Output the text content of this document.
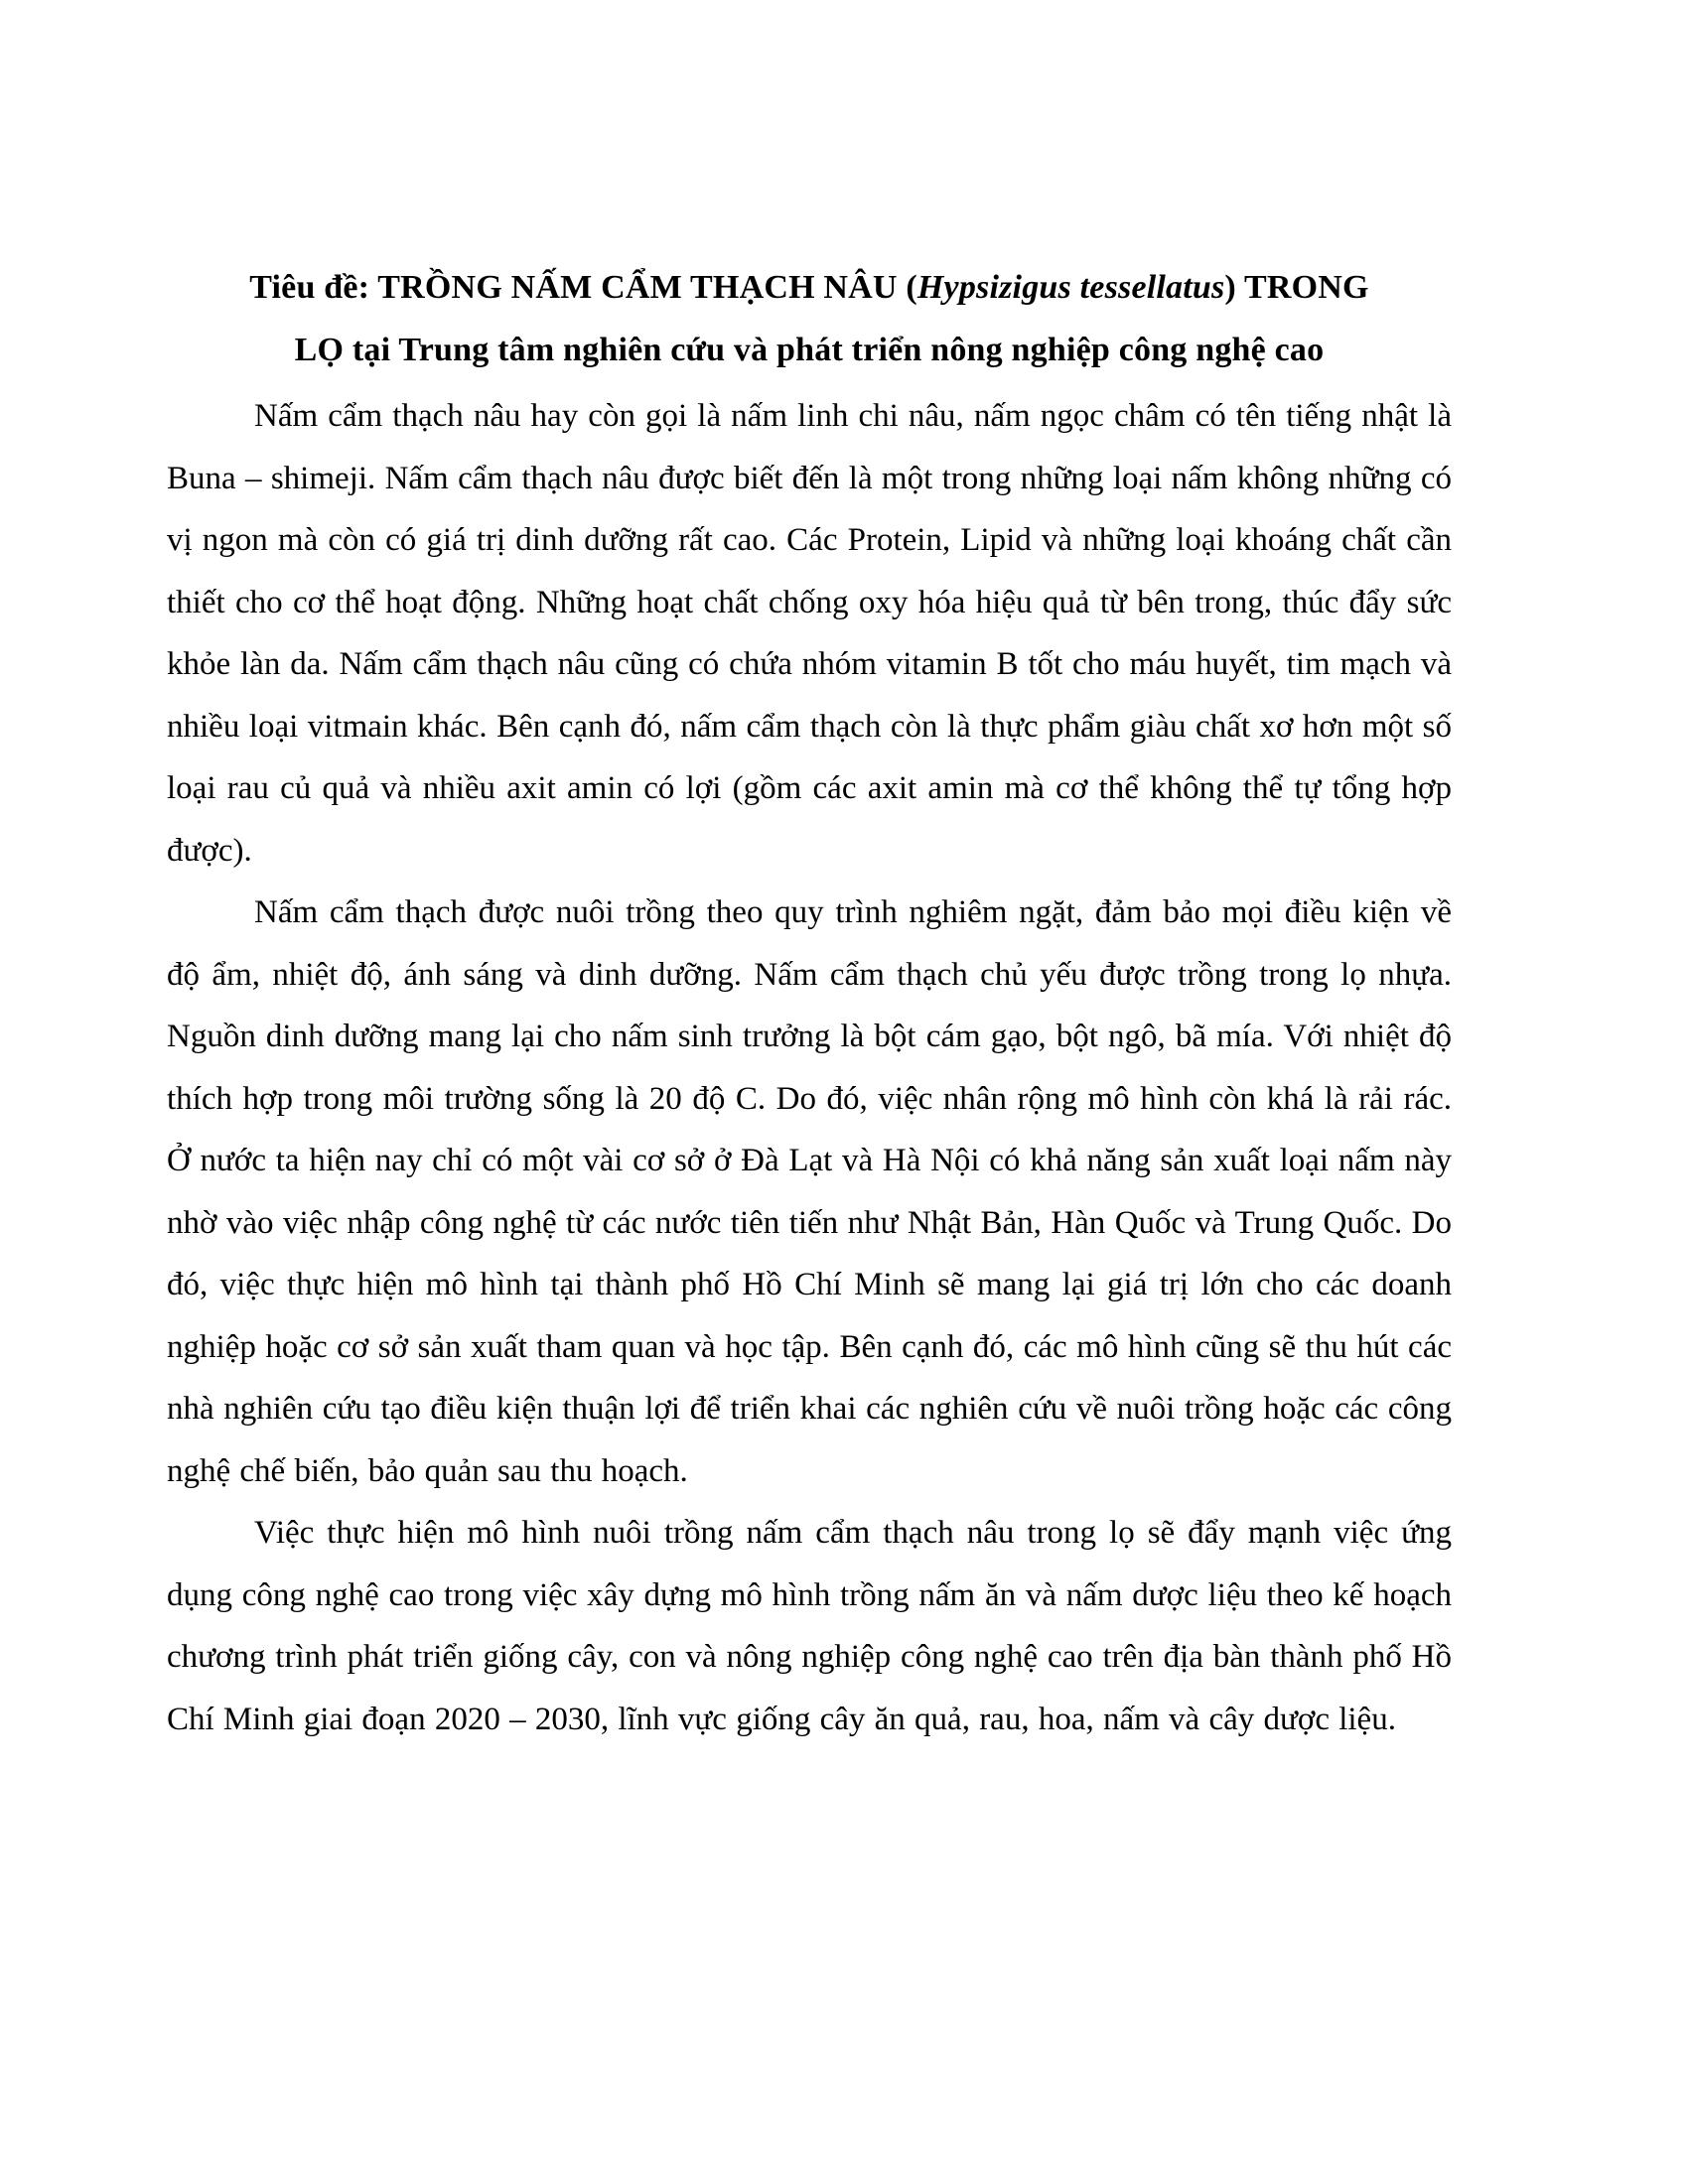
Tiêu đề: TRỒNG NẤM CẨM THẠCH NÂU (Hypsizigus tessellatus) TRONG
LỌ tại Trung tâm nghiên cứu và phát triển nông nghiệp công nghệ cao

Nấm cẩm thạch nâu hay còn gọi là nấm linh chi nâu, nấm ngọc châm có tên tiếng nhật là Buna – shimeji. Nấm cẩm thạch nâu được biết đến là một trong những loại nấm không những có vị ngon mà còn có giá trị dinh dưỡng rất cao. Các Protein, Lipid và những loại khoáng chất cần thiết cho cơ thể hoạt động. Những hoạt chất chống oxy hóa hiệu quả từ bên trong, thúc đẩy sức khỏe làn da. Nấm cẩm thạch nâu cũng có chứa nhóm vitamin B tốt cho máu huyết, tim mạch và nhiều loại vitmain khác. Bên cạnh đó, nấm cẩm thạch còn là thực phẩm giàu chất xơ hơn một số loại rau củ quả và nhiều axit amin có lợi (gồm các axit amin mà cơ thể không thể tự tổng hợp được).

Nấm cẩm thạch được nuôi trồng theo quy trình nghiêm ngặt, đảm bảo mọi điều kiện về độ ẩm, nhiệt độ, ánh sáng và dinh dưỡng. Nấm cẩm thạch chủ yếu được trồng trong lọ nhựa. Nguồn dinh dưỡng mang lại cho nấm sinh trưởng là bột cám gạo, bột ngô, bã mía. Với nhiệt độ thích hợp trong môi trường sống là 20 độ C. Do đó, việc nhân rộng mô hình còn khá là rải rác. Ở nước ta hiện nay chỉ có một vài cơ sở ở Đà Lạt và Hà Nội có khả năng sản xuất loại nấm này nhờ vào việc nhập công nghệ từ các nước tiên tiến như Nhật Bản, Hàn Quốc và Trung Quốc. Do đó, việc thực hiện mô hình tại thành phố Hồ Chí Minh sẽ mang lại giá trị lớn cho các doanh nghiệp hoặc cơ sở sản xuất tham quan và học tập. Bên cạnh đó, các mô hình cũng sẽ thu hút các nhà nghiên cứu tạo điều kiện thuận lợi để triển khai các nghiên cứu về nuôi trồng hoặc các công nghệ chế biến, bảo quản sau thu hoạch.

Việc thực hiện mô hình nuôi trồng nấm cẩm thạch nâu trong lọ sẽ đẩy mạnh việc ứng dụng công nghệ cao trong việc xây dựng mô hình trồng nấm ăn và nấm dược liệu theo kế hoạch chương trình phát triển giống cây, con và nông nghiệp công nghệ cao trên địa bàn thành phố Hồ Chí Minh giai đoạn 2020 – 2030, lĩnh vực giống cây ăn quả, rau, hoa, nấm và cây dược liệu.
